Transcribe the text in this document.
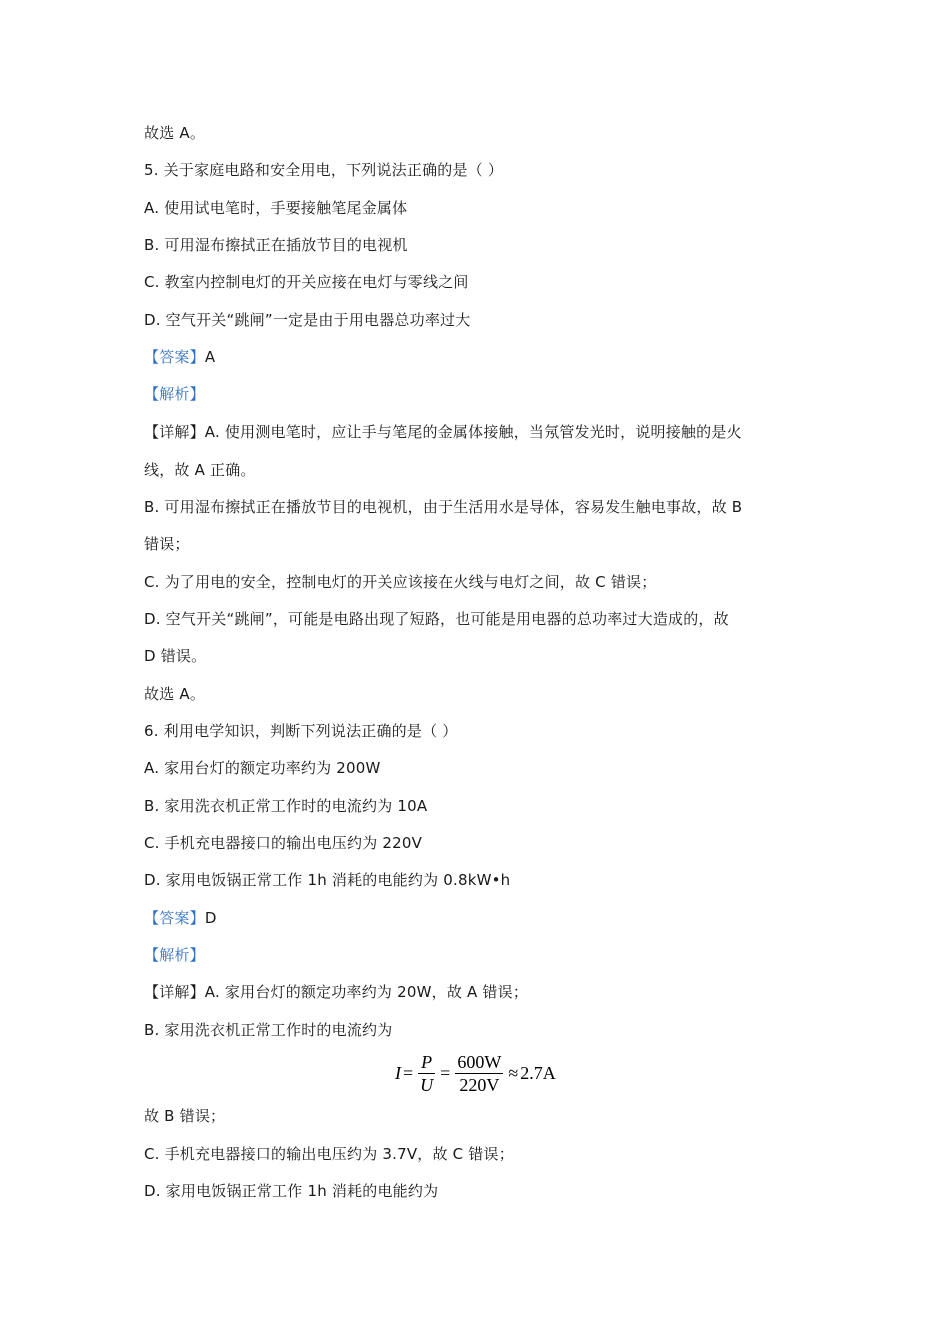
故选 A。
5. 关于家庭电路和安全用电，下列说法正确的是（ ）
A. 使用试电笔时，手要接触笔尾金属体
B. 可用湿布擦拭正在插放节目的电视机
C. 教室内控制电灯的开关应接在电灯与零线之间
D. 空气开关“跳闸”一定是由于用电器总功率过大
【答案】A
【解析】
【详解】A. 使用测电笔时，应让手与笔尾的金属体接触，当氖管发光时，说明接触的是火
线，故 A 正确。
B. 可用湿布擦拭正在播放节目的电视机，由于生活用水是导体，容易发生触电事故，故 B
错误；
C. 为了用电的安全，控制电灯的开关应该接在火线与电灯之间，故 C 错误；
D. 空气开关“跳闸”，可能是电路出现了短路，也可能是用电器的总功率过大造成的，故
D 错误。
故选 A。
6. 利用电学知识，判断下列说法正确的是（ ）
A. 家用台灯的额定功率约为 200W
B. 家用洗衣机正常工作时的电流约为 10A
C. 手机充电器接口的输出电压约为 220V
D. 家用电饭锅正常工作 1h 消耗的电能约为 0.8kW•h
【答案】D
【解析】
【详解】A. 家用台灯的额定功率约为 20W，故 A 错误；
B. 家用洗衣机正常工作时的电流约为
$I = \frac{P}{U} = \frac{600W}{220V} \approx 2.7A$
故 B 错误；
C. 手机充电器接口的输出电压约为 3.7V，故 C 错误；
D. 家用电饭锅正常工作 1h 消耗的电能约为
